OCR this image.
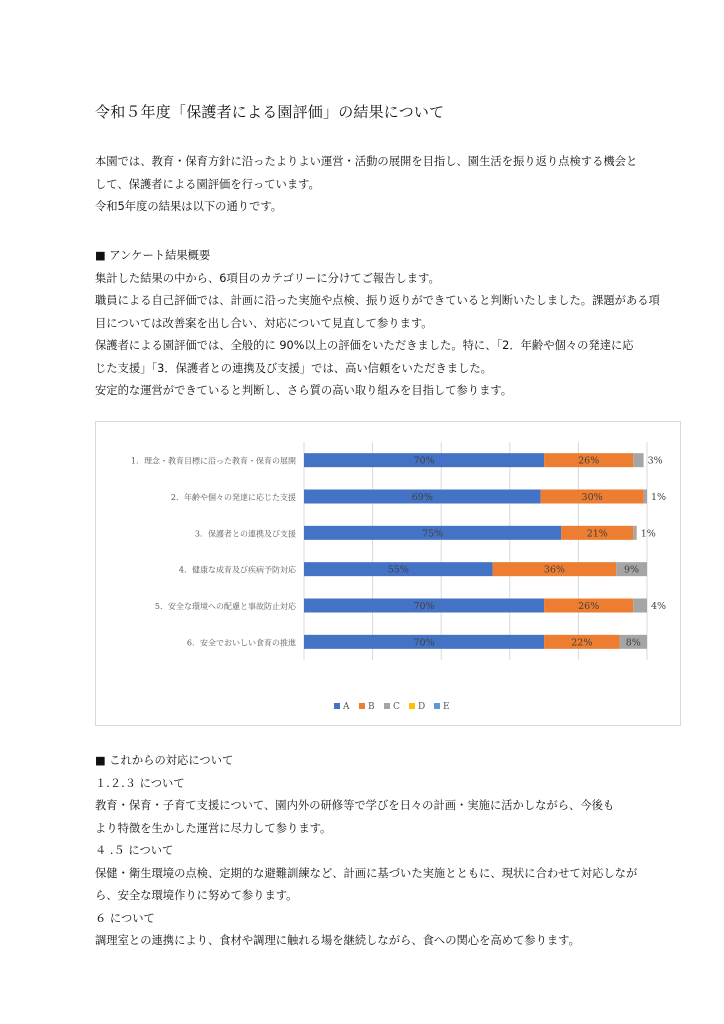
令和５年度「保護者による園評価」の結果について
本園では、教育・保育方針に沿ったよりよい運営・活動の展開を目指し、園生活を振り返り点検する機会と
して、保護者による園評価を行っています。
令和5年度の結果は以下の通りです。
■ アンケート結果概要
集計した結果の中から、6項目のカテゴリーに分けてご報告します。
職員による自己評価では、計画に沿った実施や点検、振り返りができていると判断いたしました。課題がある項
目については改善案を出し合い、対応について見直して参ります。
保護者による園評価では、全般的に 90%以上の評価をいただきました。特に、「2．年齢や個々の発達に応
じた支援」「3．保護者との連携及び支援」では、高い信頼をいただきました。
安定的な運営ができていると判断し、さら質の高い取り組みを目指して参ります。
1．理念・教育目標に沿った教育・保育の展開	70%	26%	3%
2．年齢や個々の発達に応じた支援	69%	30%	1%
3．保護者との連携及び支援	75%	21%	1%
4．健康な成育及び疾病予防対応	55%	36%	9%
5．安全な環境への配慮と事故防止対応	70%	26%	4%
6．安全でおいしい食育の推進	70%	22%	8%
A B C D E
■ これからの対応について
１.２.３ について
教育・保育・子育て支援について、園内外の研修等で学びを日々の計画・実施に活かしながら、今後も
より特徴を生かした運営に尽力して参ります。
４ .５ について
保健・衛生環境の点検、定期的な避難訓練など、計画に基づいた実施とともに、現状に合わせて対応しなが
ら、安全な環境作りに努めて参ります。
６ について
調理室との連携により、食材や調理に触れる場を継続しながら、食への関心を高めて参ります。
